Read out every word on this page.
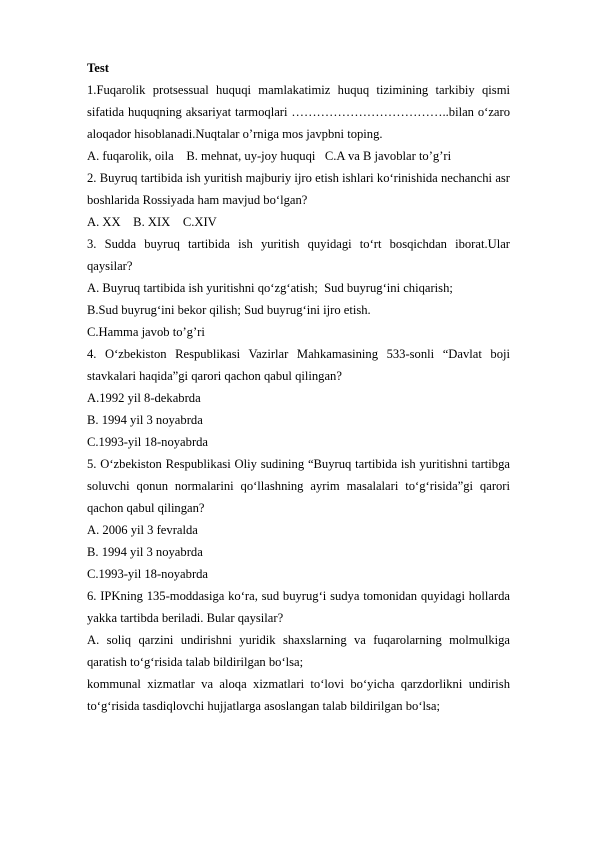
Test

1.Fuqarolik protsessual huquqi mamlakatimiz huquq tizimining tarkibiy qismi sifatida huquqning aksariyat tarmoqlari ………………………………..bilan o‘zaro aloqador hisoblanadi.Nuqtalar o’rniga mos javpbni toping.

A. fuqarolik, oila    B. mehnat, uy-joy huquqi   C.A va B javoblar to’g’ri

2. Buyruq tartibida ish yuritish majburiy ijro etish ishlari ko‘rinishida nechanchi asr boshlarida Rossiyada ham mavjud bo‘lgan?

A. XX    B. XIX    C.XIV

3. Sudda buyruq tartibida ish yuritish quyidagi to‘rt bosqichdan iborat.Ular qaysilar?

A. Buyruq tartibida ish yuritishni qo‘zg‘atish;  Sud buyrug‘ini chiqarish;

B.Sud buyrug‘ini bekor qilish; Sud buyrug‘ini ijro etish.

C.Hamma javob to’g’ri

4. O‘zbekiston Respublikasi Vazirlar Mahkamasining 533-sonli “Davlat boji stavkalari haqida”gi qarori qachon qabul qilingan?

A.1992 yil 8-dekabrda

B. 1994 yil 3 noyabrda

C.1993-yil 18-noyabrda

5. O‘zbekiston Respublikasi Oliy sudining “Buyruq tartibida ish yuritishni tartibga soluvchi qonun normalarini qo‘llashning ayrim masalalari to‘g‘risida”gi qarori qachon qabul qilingan?

A. 2006 yil 3 fevralda

B. 1994 yil 3 noyabrda

C.1993-yil 18-noyabrda

6. IPKning 135-moddasiga ko‘ra, sud buyrug‘i sudya tomonidan quyidagi hollarda yakka tartibda beriladi. Bular qaysilar?

A. soliq qarzini undirishni yuridik shaxslarning va fuqarolarning molmulkiga qaratish to‘g‘risida talab bildirilgan bo‘lsa;

kommunal xizmatlar va aloqa xizmatlari to‘lovi bo‘yicha qarzdorlikni undirish to‘g‘risida tasdiqlovchi hujjatlarga asoslangan talab bildirilgan bo‘lsa;
